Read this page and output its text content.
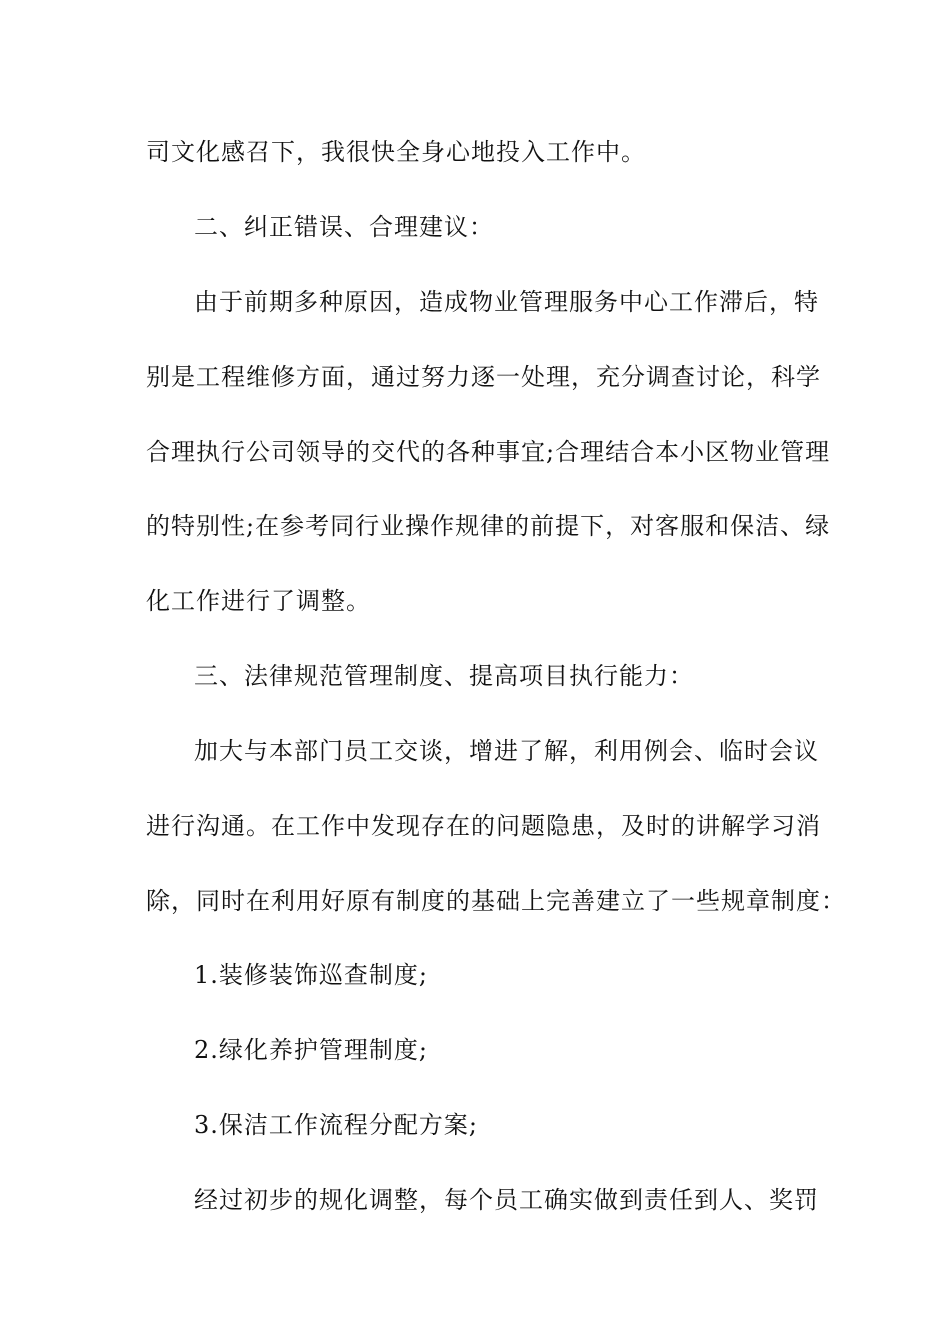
司文化感召下，我很快全身心地投入工作中。
二、纠正错误、合理建议：
由于前期多种原因，造成物业管理服务中心工作滞后，特
别是工程维修方面，通过努力逐一处理，充分调查讨论，科学
合理执行公司领导的交代的各种事宜;合理结合本小区物业管理
的特别性;在参考同行业操作规律的前提下，对客服和保洁、绿
化工作进行了调整。
三、法律规范管理制度、提高项目执行能力：
加大与本部门员工交谈，增进了解，利用例会、临时会议
进行沟通。在工作中发现存在的问题隐患，及时的讲解学习消
除，同时在利用好原有制度的基础上完善建立了一些规章制度：
1.装修装饰巡查制度;
2.绿化养护管理制度;
3.保洁工作流程分配方案;
经过初步的规化调整，每个员工确实做到责任到人、奖罚
